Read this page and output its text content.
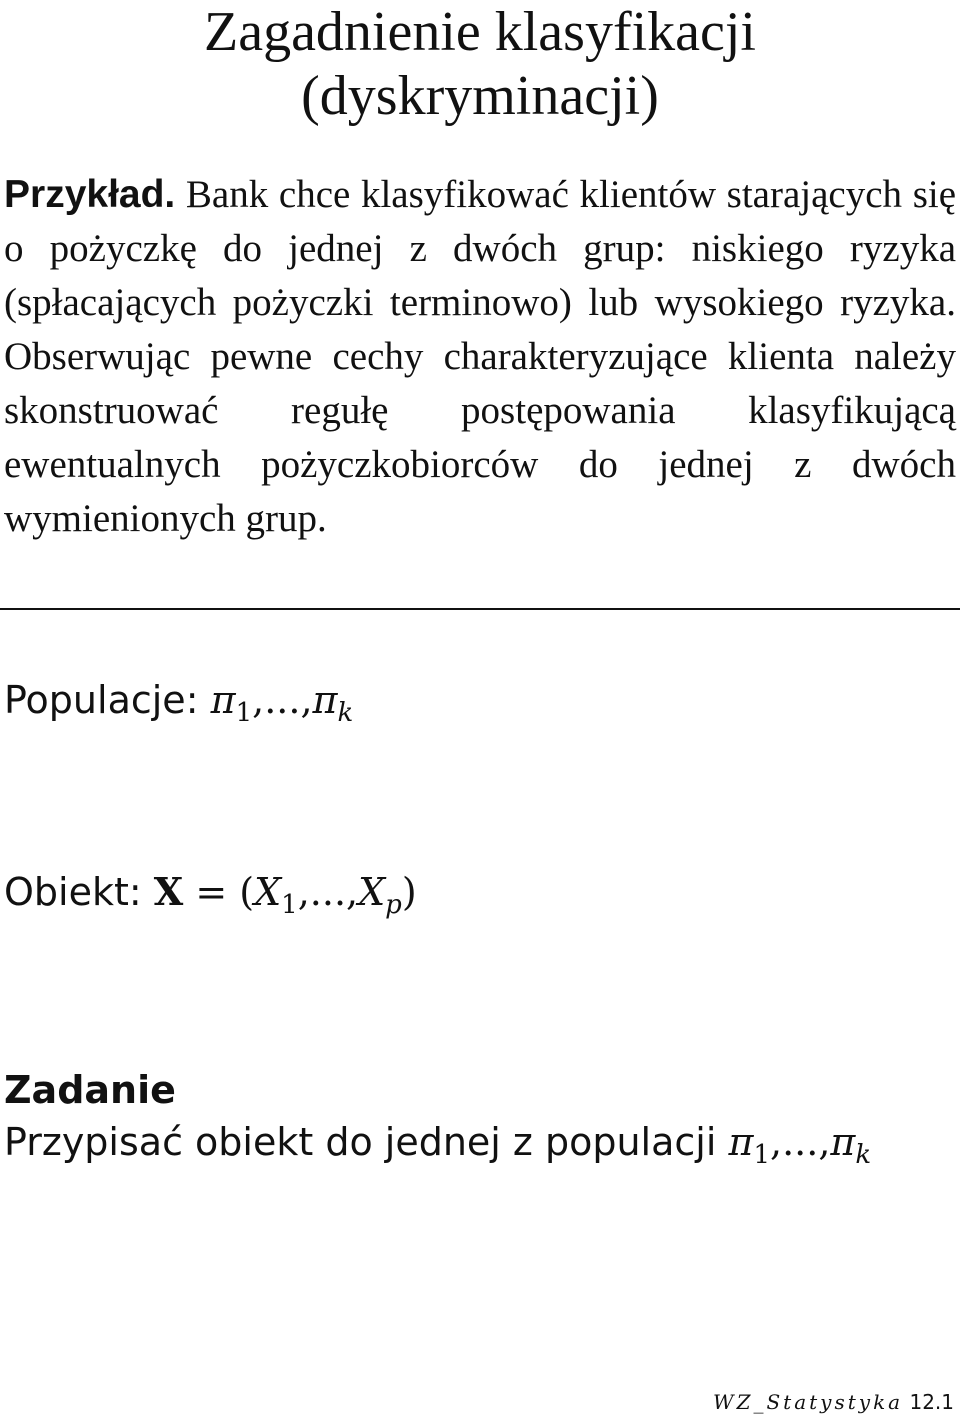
Zagadnienie klasyfikacji
(dyskryminacji)

Przykład. Bank chce klasyfikować klientów starających się o pożyczkę do jednej z dwóch grup: niskiego ryzyka (spłacających pożyczki terminowo) lub wysokiego ryzyka. Obserwując pewne cechy charakteryzujące klienta należy skonstruować regułę postępowania klasyfikującą ewentualnych pożyczkobiorców do jednej z dwóch wymienionych grup.

Populacje: $\pi_1,...,\pi_k$
Obiekt: $X = (X_1,...,X_p)$
Zadanie
Przypisać obiekt do jednej z populacji $\pi_1,...,\pi_k$
WZ_Statystyka 12.1
